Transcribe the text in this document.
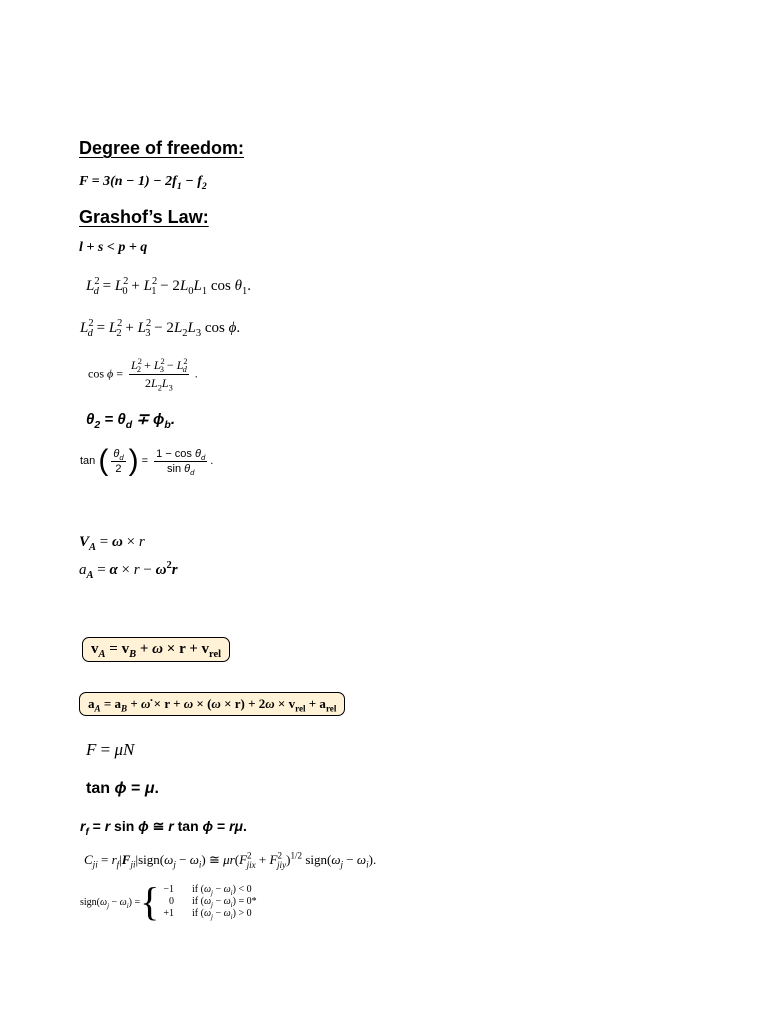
Degree of freedom:
$F = 3(n - 1) - 2f_1 - f_2$
Grashof’s Law:
l + s < p + q
$L^2_d = L^2_0 + L^2_1 - 2L_0L_1$ $\cos \theta_1$.
$L^2_d = L^2_2 + L^2_3 - 2L_2L_3$ cos ϕ.
$\cos \phi = \frac{L^2_2 + L^2_3 - L^2_d}{2L_2L_3}$ .
$\theta_2 = \theta_d \mp \phi_b$.
tan ( $\frac{\theta_d}{2}$ ) = $\frac{1 - \cos \theta_d}{\sin \theta_d}$ .
$V_A = \omega \times r$
$a_A = \alpha \times r - \omega^2r$
$v_A = v_B + \omega \times r + v_{rel}$
$a_A = a_B$ + ω̇ × $r + \omega \times (\omega \times r) + 2\omega \times v_{rel} + a_{rel}$
F = μN
tan ϕ = μ.
$r_f = r$ sin ϕ ≅ r tan ϕ = rμ.
$C_{ji}$ = $r_f|F_{ji}|sign(\omega_j - \omega_i)$ ≅ $\mu r(F^2_{jix} + F^2_{jiy})^{1/2}$ $sign(\omega_j - \omega_i)$.
$sign(\omega_j - \omega_i)$ = { −1	if $(\omega_j - \omega_i) < 0$
0	if $(\omega_j - \omega_i) = 0*$
+1	if $(\omega_j - \omega_i) > 0$
